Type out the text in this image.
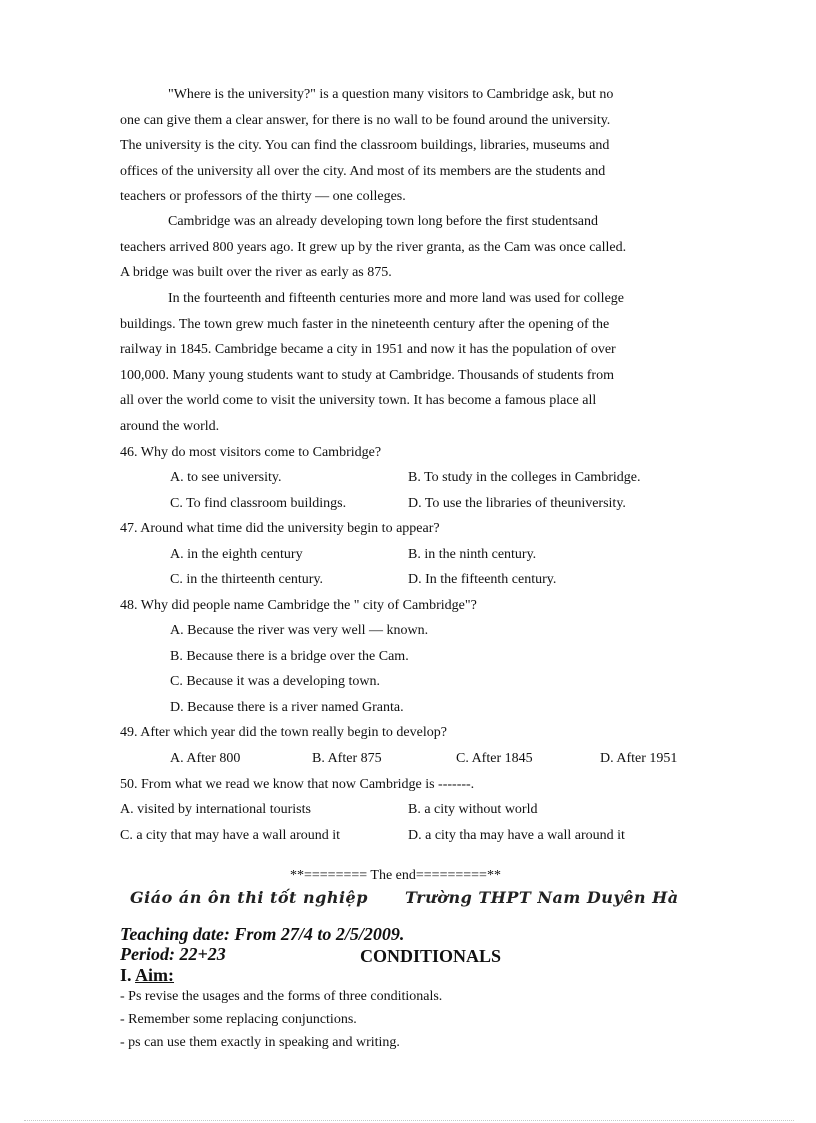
"Where is the university?" is a question many visitors to Cambridge ask, but no
one can give them a clear answer, for there is no wall to be found around the university.
The university is the city. You can find the classroom buildings, libraries, museums and
offices of the university all over the city. And most of its members are the students and
teachers or professors of the thirty — one colleges.
Cambridge was an already developing town long before the first studentsand
teachers arrived 800 years ago. It grew up by the river granta, as the Cam was once called.
A bridge was built over the river as early as 875.
In the fourteenth and fifteenth centuries more and more land was used for college
buildings. The town grew much faster in the nineteenth century after the opening of the
railway in 1845. Cambridge became a city in 1951 and now it has the population of over
100,000. Many young students want to study at Cambridge. Thousands of students from
all over the world come to visit the university town. It has become a famous place all
around the world.
46. Why do most visitors come to Cambridge?
A. to see university.	B. To study in the colleges in Cambridge.
C. To find classroom buildings.	D. To use the libraries of theuniversity.
47. Around what time did the university begin to appear?
A. in the eighth century	B. in the ninth century.
C. in the thirteenth century.	D. In the fifteenth century.
48. Why did people name Cambridge the " city of Cambridge"?
A. Because the river was very well — known.
B. Because there is a bridge over the Cam.
C. Because it was a developing town.
D. Because there is a river named Granta.
49. After which year did the town really begin to develop?
A. After 800	B. After 875	C. After 1845	D. After 1951
50. From what we read we know that now Cambridge is -------.
A. visited by international tourists	B. a city without world
C. a city that may have a wall around it	D. a city tha may have a wall around it
**======== The end=========**
Giáo án ôn thi tốt nghiệp Trường THPT Nam Duyên Hà
Teaching date: From 27/4 to 2/5/2009.
Period: 22+23	CONDITIONALS
I. Aim:
- Ps revise the usages and the forms of three conditionals.
- Remember some replacing conjunctions.
- ps can use them exactly in speaking and writing.
